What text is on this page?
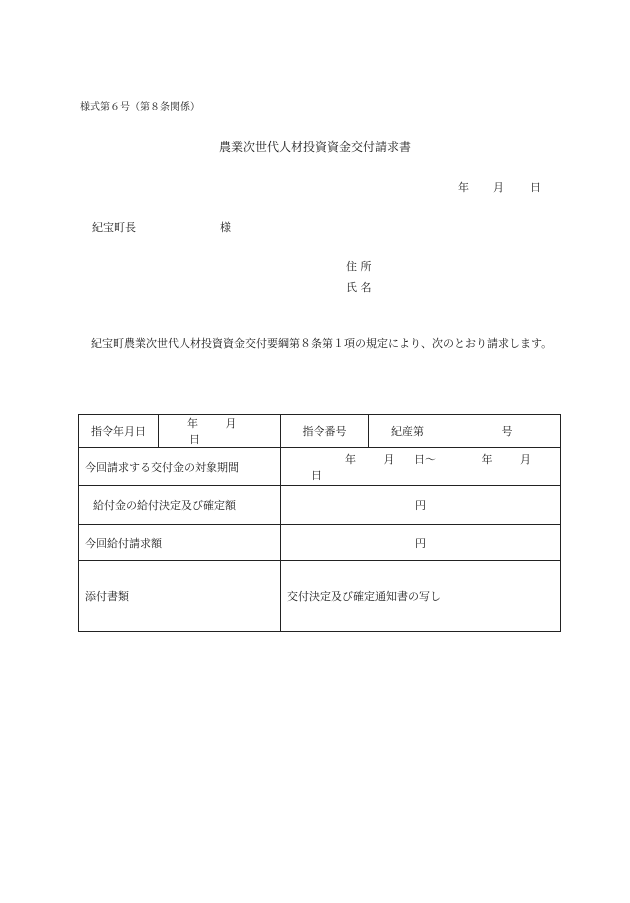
様式第６号（第８条関係）
農業次世代人材投資資金交付請求書
年 月 日
紀宝町長	様
住 所
氏 名
紀宝町農業次世代人材投資資金交付要綱第８条第１項の規定により、次のとおり請求します。
指令年月日	年 月 日	指令番号	紀産第 号
今回請求する交付金の対象期間		年 月 日～ 年 月 日	
給付金の給付決定及び確定額		円	
今回給付請求額		円	
添付書類		交付決定及び確定通知書の写し	
